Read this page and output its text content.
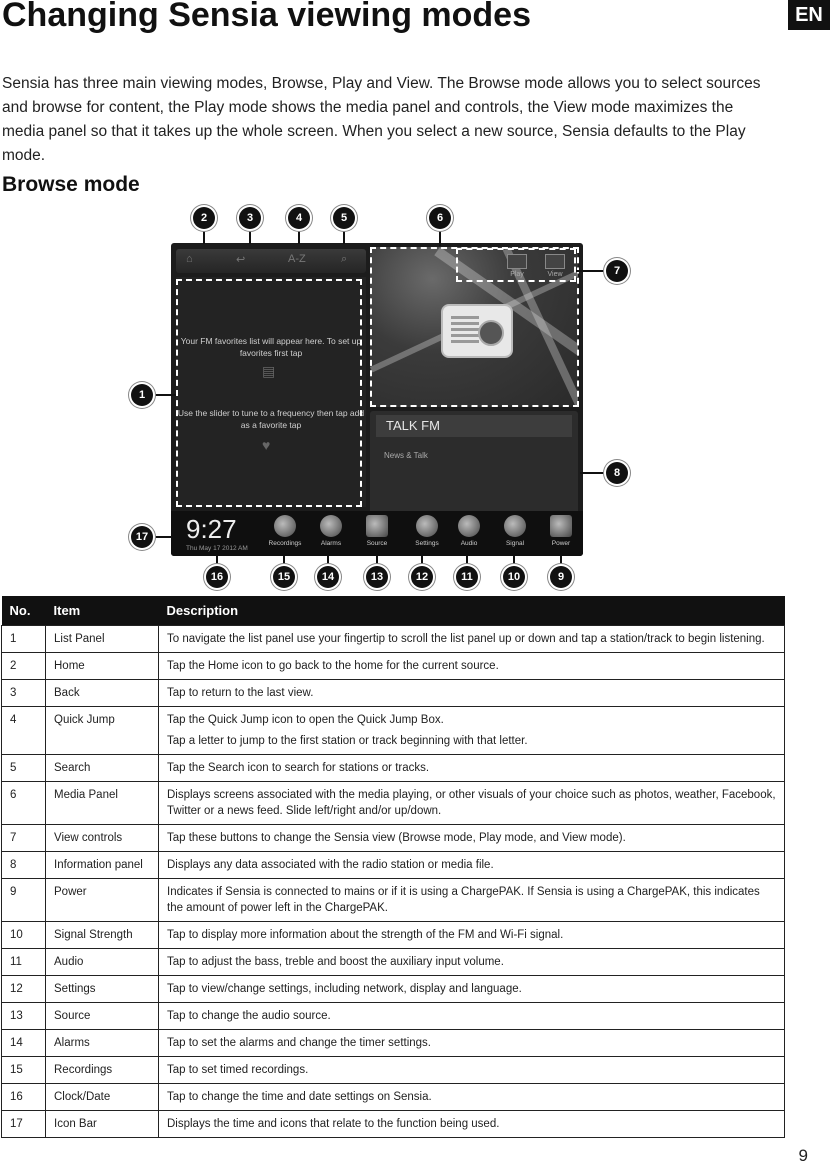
Changing Sensia viewing modes	EN

Sensia has three main viewing modes, Browse, Play and View. The Browse mode allows you to select sources and browse for content, the Play mode shows the media panel and controls, the View mode maximizes the media panel so that it takes up the whole screen. When you select a new source, Sensia defaults to the Play mode.

Browse mode
⌂	↩	A-Z	⌕
Your FM favorites list will appear here. To set up favorites first tap
▤
Use the slider to tune to a frequency then tap add as a favorite tap
♥
Play	View
TALK FM
News & Talk
9:27
Thu May 17 2012 AM
Recordings	Alarms	Source	Settings	Audio	Signal	Power
1
2	3	4	5	6
7
8
9
10
11
12
13
14
15
16
17
No.	Item	Description
1	List Panel	To navigate the list panel use your fingertip to scroll the list panel up or down and tap a station/track to begin listening.
2	Home	Tap the Home icon to go back to the home for the current source.
3	Back	Tap to return to the last view.
4	Quick Jump	Tap the Quick Jump icon to open the Quick Jump Box.

Tap a letter to jump to the first station or track beginning with that letter.

5	Search	Tap the Search icon to search for stations or tracks.
6	Media Panel	Displays screens associated with the media playing, or other visuals of your choice such as photos, weather, Facebook, Twitter or a news feed. Slide left/right and/or up/down.
7	View controls	Tap these buttons to change the Sensia view (Browse mode, Play mode, and View mode).
8	Information panel	Displays any data associated with the radio station or media file.
9	Power	Indicates if Sensia is connected to mains or if it is using a ChargePAK. If Sensia is using a ChargePAK, this indicates the amount of power left in the ChargePAK.
10	Signal Strength	Tap to display more information about the strength of the FM and Wi-Fi signal.
11	Audio	Tap to adjust the bass, treble and boost the auxiliary input volume.
12	Settings	Tap to view/change settings, including network, display and language.
13	Source	Tap to change the audio source.
14	Alarms	Tap to set the alarms and change the timer settings.
15	Recordings	Tap to set timed recordings.
16	Clock/Date	Tap to change the time and date settings on Sensia.
17	Icon Bar	Displays the time and icons that relate to the function being used.
9
